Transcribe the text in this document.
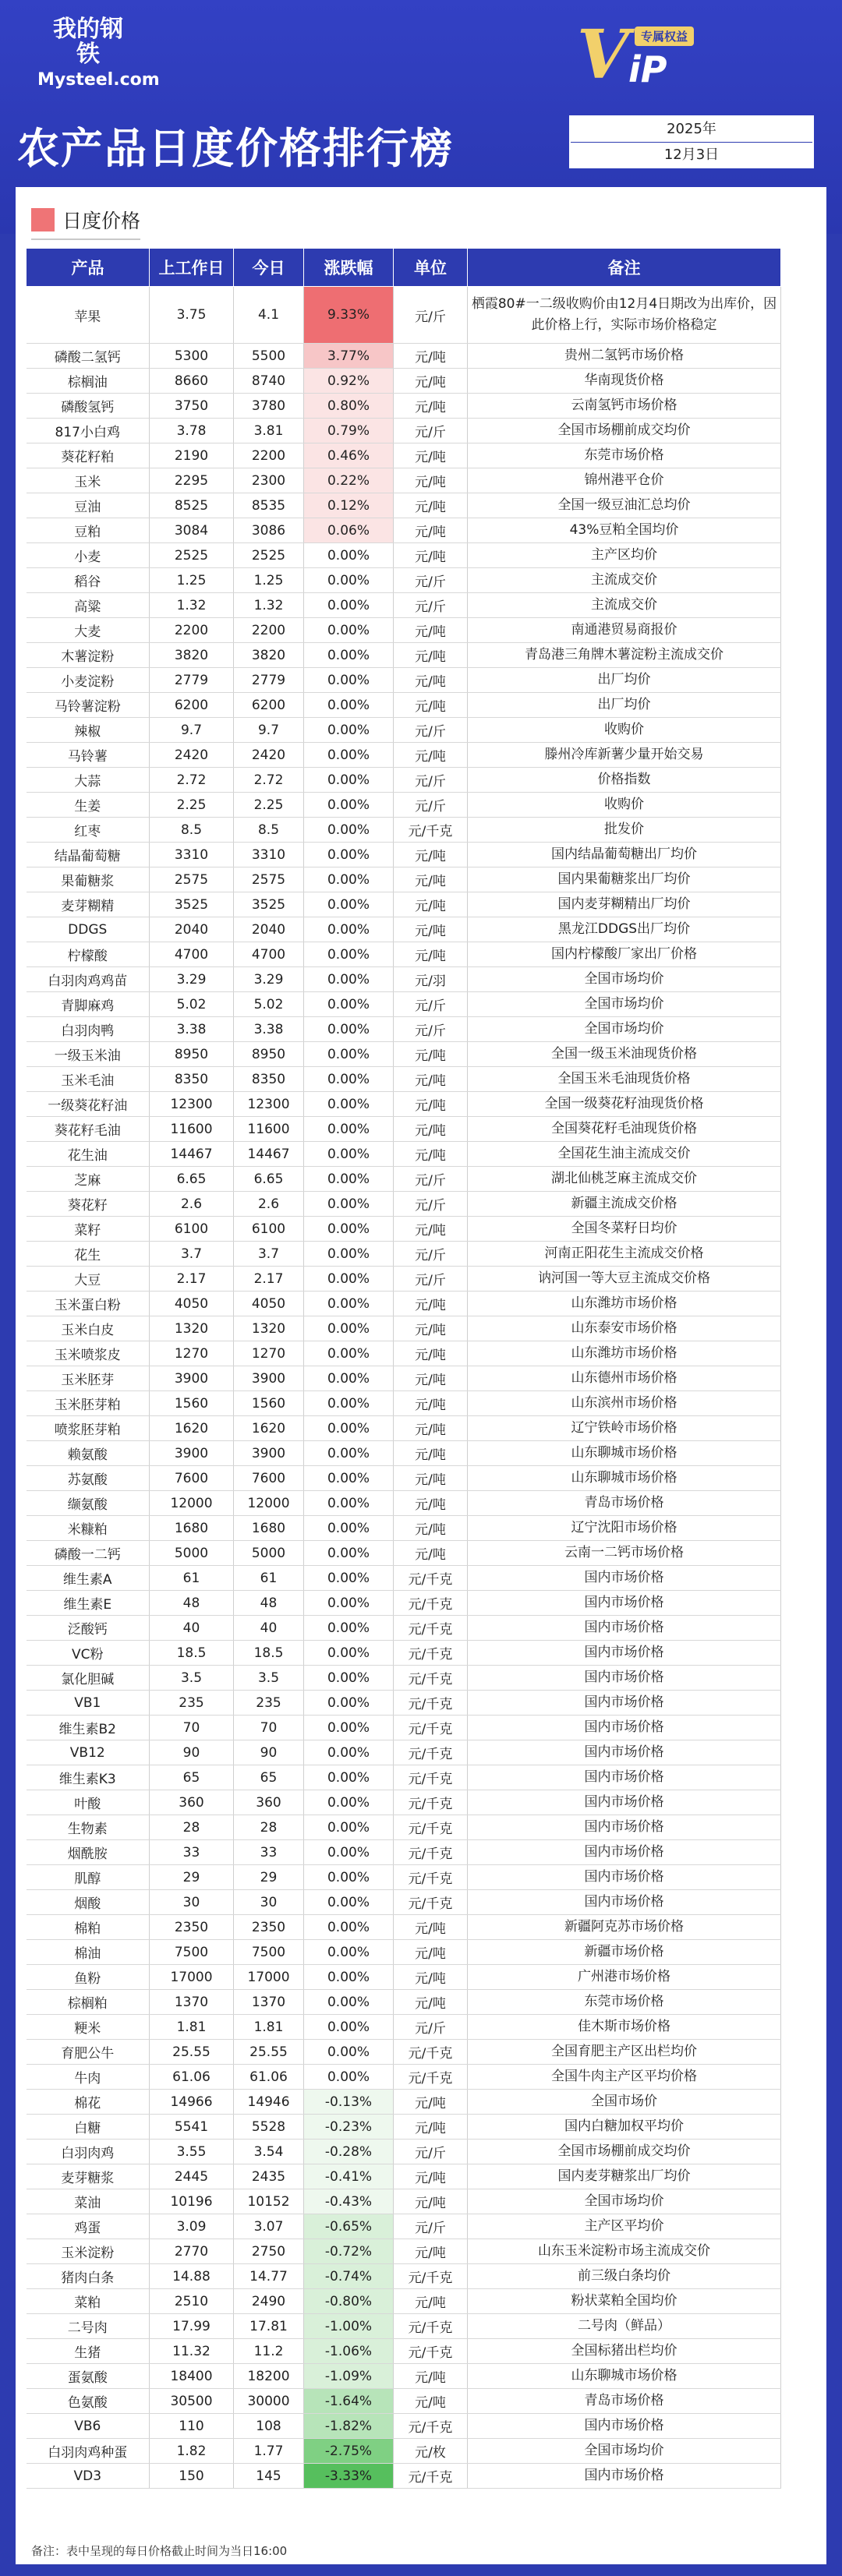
我的钢铁
Mysteel.com	V iP
专属权益
农产品日度价格排行榜	2025年
12月3日
日度价格
产品	上工作日	今日	涨跌幅	单位	备注
苹果	3.75	4.1	9.33%	元/斤	栖霞80#一二级收购价由12月4日期改为出库价，因此价格上行，实际市场价格稳定
磷酸二氢钙	5300	5500	3.77%	元/吨	贵州二氢钙市场价格
棕榈油	8660	8740	0.92%	元/吨	华南现货价格
磷酸氢钙	3750	3780	0.80%	元/吨	云南氢钙市场价格
817小白鸡	3.78	3.81	0.79%	元/斤	全国市场棚前成交均价
葵花籽粕	2190	2200	0.46%	元/吨	东莞市场价格
玉米	2295	2300	0.22%	元/吨	锦州港平仓价
豆油	8525	8535	0.12%	元/吨	全国一级豆油汇总均价
豆粕	3084	3086	0.06%	元/吨	43%豆粕全国均价
小麦	2525	2525	0.00%	元/吨	主产区均价
稻谷	1.25	1.25	0.00%	元/斤	主流成交价
高粱	1.32	1.32	0.00%	元/斤	主流成交价
大麦	2200	2200	0.00%	元/吨	南通港贸易商报价
木薯淀粉	3820	3820	0.00%	元/吨	青岛港三角牌木薯淀粉主流成交价
小麦淀粉	2779	2779	0.00%	元/吨	出厂均价
马铃薯淀粉	6200	6200	0.00%	元/吨	出厂均价
辣椒	9.7	9.7	0.00%	元/斤	收购价
马铃薯	2420	2420	0.00%	元/吨	滕州冷库新薯少量开始交易
大蒜	2.72	2.72	0.00%	元/斤	价格指数
生姜	2.25	2.25	0.00%	元/斤	收购价
红枣	8.5	8.5	0.00%	元/千克	批发价
结晶葡萄糖	3310	3310	0.00%	元/吨	国内结晶葡萄糖出厂均价
果葡糖浆	2575	2575	0.00%	元/吨	国内果葡糖浆出厂均价
麦芽糊精	3525	3525	0.00%	元/吨	国内麦芽糊精出厂均价
DDGS	2040	2040	0.00%	元/吨	黑龙江DDGS出厂均价
柠檬酸	4700	4700	0.00%	元/吨	国内柠檬酸厂家出厂价格
白羽肉鸡鸡苗	3.29	3.29	0.00%	元/羽	全国市场均价
青脚麻鸡	5.02	5.02	0.00%	元/斤	全国市场均价
白羽肉鸭	3.38	3.38	0.00%	元/斤	全国市场均价
一级玉米油	8950	8950	0.00%	元/吨	全国一级玉米油现货价格
玉米毛油	8350	8350	0.00%	元/吨	全国玉米毛油现货价格
一级葵花籽油	12300	12300	0.00%	元/吨	全国一级葵花籽油现货价格
葵花籽毛油	11600	11600	0.00%	元/吨	全国葵花籽毛油现货价格
花生油	14467	14467	0.00%	元/吨	全国花生油主流成交价
芝麻	6.65	6.65	0.00%	元/斤	湖北仙桃芝麻主流成交价
葵花籽	2.6	2.6	0.00%	元/斤	新疆主流成交价格
菜籽	6100	6100	0.00%	元/吨	全国冬菜籽日均价
花生	3.7	3.7	0.00%	元/斤	河南正阳花生主流成交价格
大豆	2.17	2.17	0.00%	元/斤	讷河国一等大豆主流成交价格
玉米蛋白粉	4050	4050	0.00%	元/吨	山东潍坊市场价格
玉米白皮	1320	1320	0.00%	元/吨	山东泰安市场价格
玉米喷浆皮	1270	1270	0.00%	元/吨	山东潍坊市场价格
玉米胚芽	3900	3900	0.00%	元/吨	山东德州市场价格
玉米胚芽粕	1560	1560	0.00%	元/吨	山东滨州市场价格
喷浆胚芽粕	1620	1620	0.00%	元/吨	辽宁铁岭市场价格
赖氨酸	3900	3900	0.00%	元/吨	山东聊城市场价格
苏氨酸	7600	7600	0.00%	元/吨	山东聊城市场价格
缬氨酸	12000	12000	0.00%	元/吨	青岛市场价格
米糠粕	1680	1680	0.00%	元/吨	辽宁沈阳市场价格
磷酸一二钙	5000	5000	0.00%	元/吨	云南一二钙市场价格
维生素A	61	61	0.00%	元/千克	国内市场价格
维生素E	48	48	0.00%	元/千克	国内市场价格
泛酸钙	40	40	0.00%	元/千克	国内市场价格
VC粉	18.5	18.5	0.00%	元/千克	国内市场价格
氯化胆碱	3.5	3.5	0.00%	元/千克	国内市场价格
VB1	235	235	0.00%	元/千克	国内市场价格
维生素B2	70	70	0.00%	元/千克	国内市场价格
VB12	90	90	0.00%	元/千克	国内市场价格
维生素K3	65	65	0.00%	元/千克	国内市场价格
叶酸	360	360	0.00%	元/千克	国内市场价格
生物素	28	28	0.00%	元/千克	国内市场价格
烟酰胺	33	33	0.00%	元/千克	国内市场价格
肌醇	29	29	0.00%	元/千克	国内市场价格
烟酸	30	30	0.00%	元/千克	国内市场价格
棉粕	2350	2350	0.00%	元/吨	新疆阿克苏市场价格
棉油	7500	7500	0.00%	元/吨	新疆市场价格
鱼粉	17000	17000	0.00%	元/吨	广州港市场价格
棕榈粕	1370	1370	0.00%	元/吨	东莞市场价格
粳米	1.81	1.81	0.00%	元/斤	佳木斯市场价格
育肥公牛	25.55	25.55	0.00%	元/千克	全国育肥主产区出栏均价
牛肉	61.06	61.06	0.00%	元/千克	全国牛肉主产区平均价格
棉花	14966	14946	-0.13%	元/吨	全国市场价
白糖	5541	5528	-0.23%	元/吨	国内白糖加权平均价
白羽肉鸡	3.55	3.54	-0.28%	元/斤	全国市场棚前成交均价
麦芽糖浆	2445	2435	-0.41%	元/吨	国内麦芽糖浆出厂均价
菜油	10196	10152	-0.43%	元/吨	全国市场均价
鸡蛋	3.09	3.07	-0.65%	元/斤	主产区平均价
玉米淀粉	2770	2750	-0.72%	元/吨	山东玉米淀粉市场主流成交价
猪肉白条	14.88	14.77	-0.74%	元/千克	前三级白条均价
菜粕	2510	2490	-0.80%	元/吨	粉状菜粕全国均价
二号肉	17.99	17.81	-1.00%	元/千克	二号肉（鲜品）
生猪	11.32	11.2	-1.06%	元/千克	全国标猪出栏均价
蛋氨酸	18400	18200	-1.09%	元/吨	山东聊城市场价格
色氨酸	30500	30000	-1.64%	元/吨	青岛市场价格
VB6	110	108	-1.82%	元/千克	国内市场价格
白羽肉鸡种蛋	1.82	1.77	-2.75%	元/枚	全国市场均价
VD3	150	145	-3.33%	元/千克	国内市场价格
备注：表中呈现的每日价格截止时间为当日16:00
